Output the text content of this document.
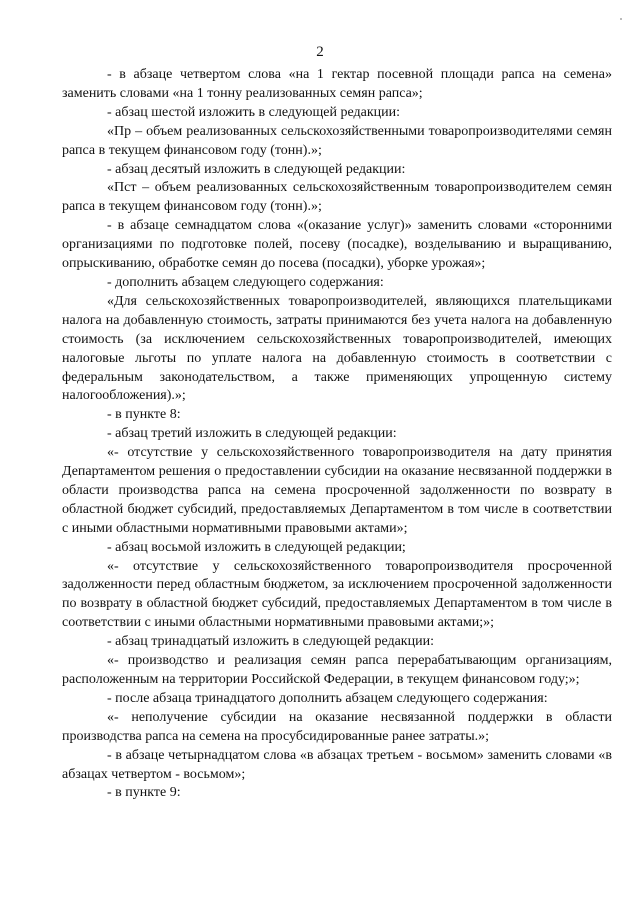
2

- в абзаце четвертом слова «на 1 гектар посевной площади рапса на семена» заменить словами «на 1 тонну реализованных семян рапса»;

- абзац шестой изложить в следующей редакции:

«Пр – объем реализованных сельскохозяйственными товаропроизводителями семян рапса в текущем финансовом году (тонн).»;

- абзац десятый изложить в следующей редакции:

«Пст – объем реализованных сельскохозяйственным товаропроизводителем семян рапса в текущем финансовом году (тонн).»;

- в абзаце семнадцатом слова «(оказание услуг)» заменить словами «сторонними организациями по подготовке полей, посеву (посадке), возделыванию и выращиванию, опрыскиванию, обработке семян до посева (посадки), уборке урожая»;

- дополнить абзацем следующего содержания:

«Для сельскохозяйственных товаропроизводителей, являющихся плательщиками налога на добавленную стоимость, затраты принимаются без учета налога на добавленную стоимость (за исключением сельскохозяйственных товаропроизводителей, имеющих налоговые льготы по уплате налога на добавленную стоимость в соответствии с федеральным законодательством, а также применяющих упрощенную систему налогообложения).»;

- в пункте 8:

- абзац третий изложить в следующей редакции:

«- отсутствие у сельскохозяйственного товаропроизводителя на дату принятия Департаментом решения о предоставлении субсидии на оказание несвязанной поддержки в области производства рапса на семена просроченной задолженности по возврату в областной бюджет субсидий, предоставляемых Департаментом в том числе в соответствии с иными областными нормативными правовыми актами»;

- абзац восьмой изложить в следующей редакции;

«- отсутствие у сельскохозяйственного товаропроизводителя просроченной задолженности перед областным бюджетом, за исключением просроченной задолженности по возврату в областной бюджет субсидий, предоставляемых Департаментом в том числе в соответствии с иными областными нормативными правовыми актами;»;

- абзац тринадцатый изложить в следующей редакции:

«- производство и реализация семян рапса перерабатывающим организациям, расположенным на территории Российской Федерации, в текущем финансовом году;»;

- после абзаца тринадцатого дополнить абзацем следующего содержания:

«- неполучение субсидии на оказание несвязанной поддержки в области производства рапса на семена на просубсидированные ранее затраты.»;

- в абзаце четырнадцатом слова «в абзацах третьем - восьмом» заменить словами «в абзацах четвертом - восьмом»;

- в пункте 9:
